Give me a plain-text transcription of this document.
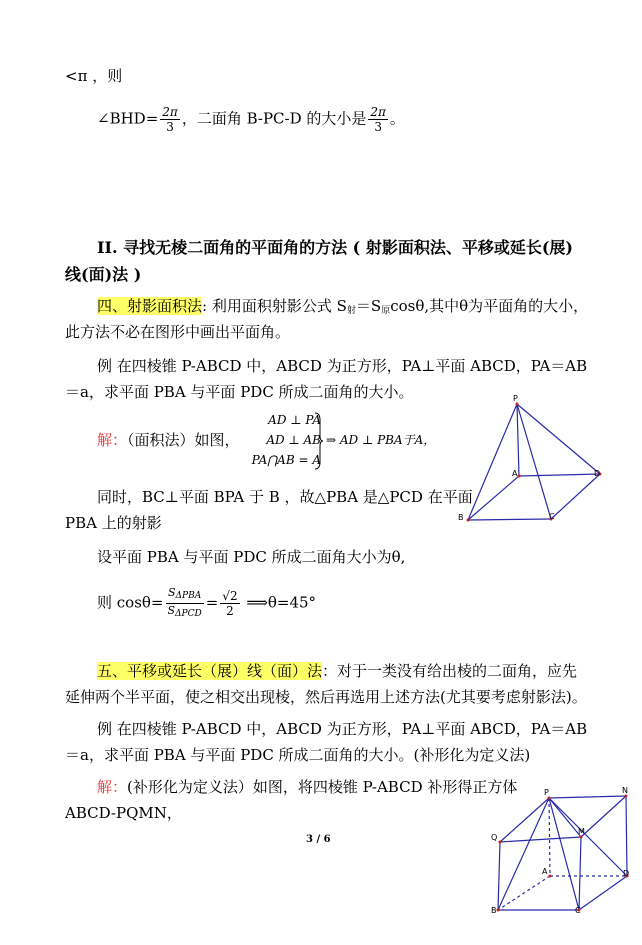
<π ，则
∠BHD= $\frac{2\pi}{3}$ ，二面角 B-PC-D 的大小是 $\frac{2\pi}{3}$ 。
II. 寻找无棱二面角的平面角的方法 ( 射影面积法、平移或延长(展)
线(面)法 )
四、射影面积法: 利用面积射影公式 $S_射=S_原\cos\theta$,其中θ为平面角的大小，
此方法不必在图形中画出平面角。
例 在四棱锥 P-ABCD 中，ABCD 为正方形，PA⊥平面 ABCD，PA＝AB
＝a，求平面 PBA 与平面 PDC 所成二面角的大小。
解：（面积法）如图，
AD ⊥ PA
AD ⊥ AB
PA⋂AB = A
⇒ AD ⊥ PBA于A，
同时，BC⊥平面 BPA 于 B ，故△PBA 是△PCD 在平面
PBA 上的射影
设平面 PBA 与平面 PDC 所成二面角大小为θ,
则 $\cos\theta= \frac{S_{\Delta PBA}}{S_{\Delta PCD}} = \frac{√2}{2}$ ⟹θ=45°
P
A	D
B	C
五、平移或延长（展）线（面）法：对于一类没有给出棱的二面角，应先
延伸两个半平面，使之相交出现棱，然后再选用上述方法(尤其要考虑射影法)。
例 在四棱锥 P-ABCD 中，ABCD 为正方形，PA⊥平面 ABCD，PA＝AB
＝a，求平面 PBA 与平面 PDC 所成二面角的大小。(补形化为定义法)
解：(补形化为定义法）如图，将四棱锥 P-ABCD 补形得正方体
ABCD-PQMN，
P	N
Q
M
A	D
B	C
3 / 6
